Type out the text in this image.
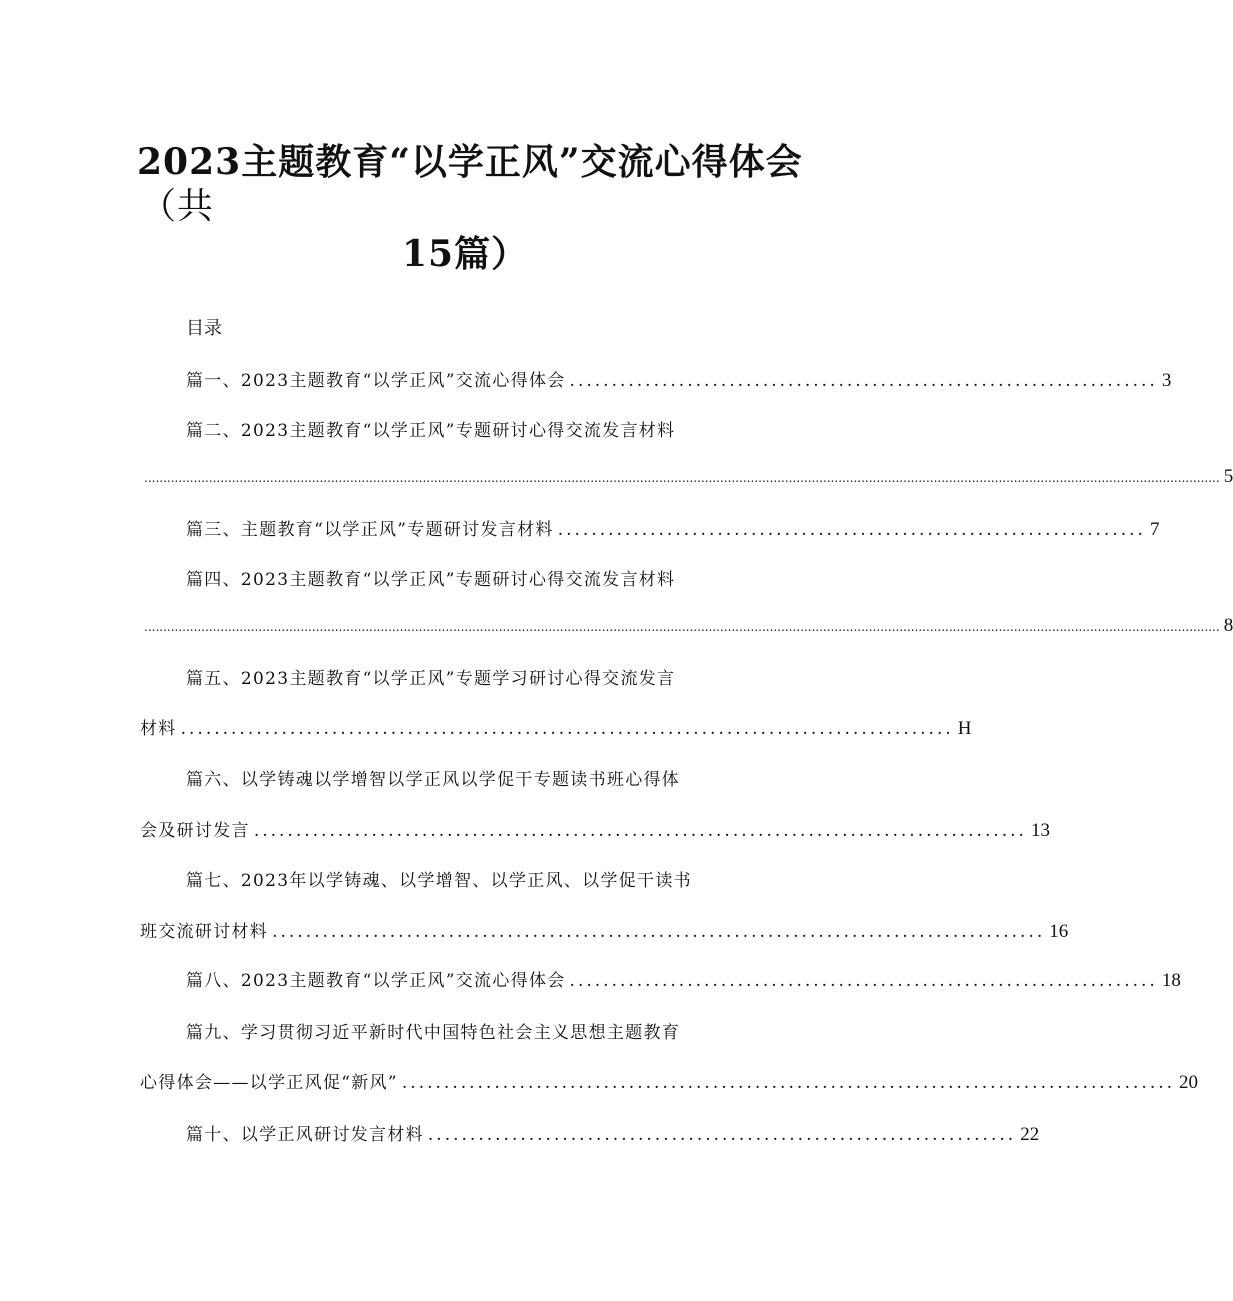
2023主题教育“以学正风”交流心得体会
（共
15篇）
目录
篇一、2023主题教育“以学正风”交流心得体会 ...................................................................... 3
篇二、2023主题教育“以学正风”专题研讨心得交流发言材料
.......................................................................................................................................................................................................................................................................................... 5
篇三、主题教育“以学正风”专题研讨发言材料 ...................................................................... 7
篇四、2023主题教育“以学正风”专题研讨心得交流发言材料
.......................................................................................................................................................................................................................................................................................... 8
篇五、2023主题教育“以学正风”专题学习研讨心得交流发言
材料 ............................................................................................ H
篇六、以学铸魂以学增智以学正风以学促干专题读书班心得体
会及研讨发言 ............................................................................................ 13
篇七、2023年以学铸魂、以学增智、以学正风、以学促干读书
班交流研讨材料 ............................................................................................ 16
篇八、2023主题教育“以学正风”交流心得体会 ...................................................................... 18
篇九、学习贯彻习近平新时代中国特色社会主义思想主题教育
心得体会——以学正风促“新风” ............................................................................................ 20
篇十、以学正风研讨发言材料 ...................................................................... 22
